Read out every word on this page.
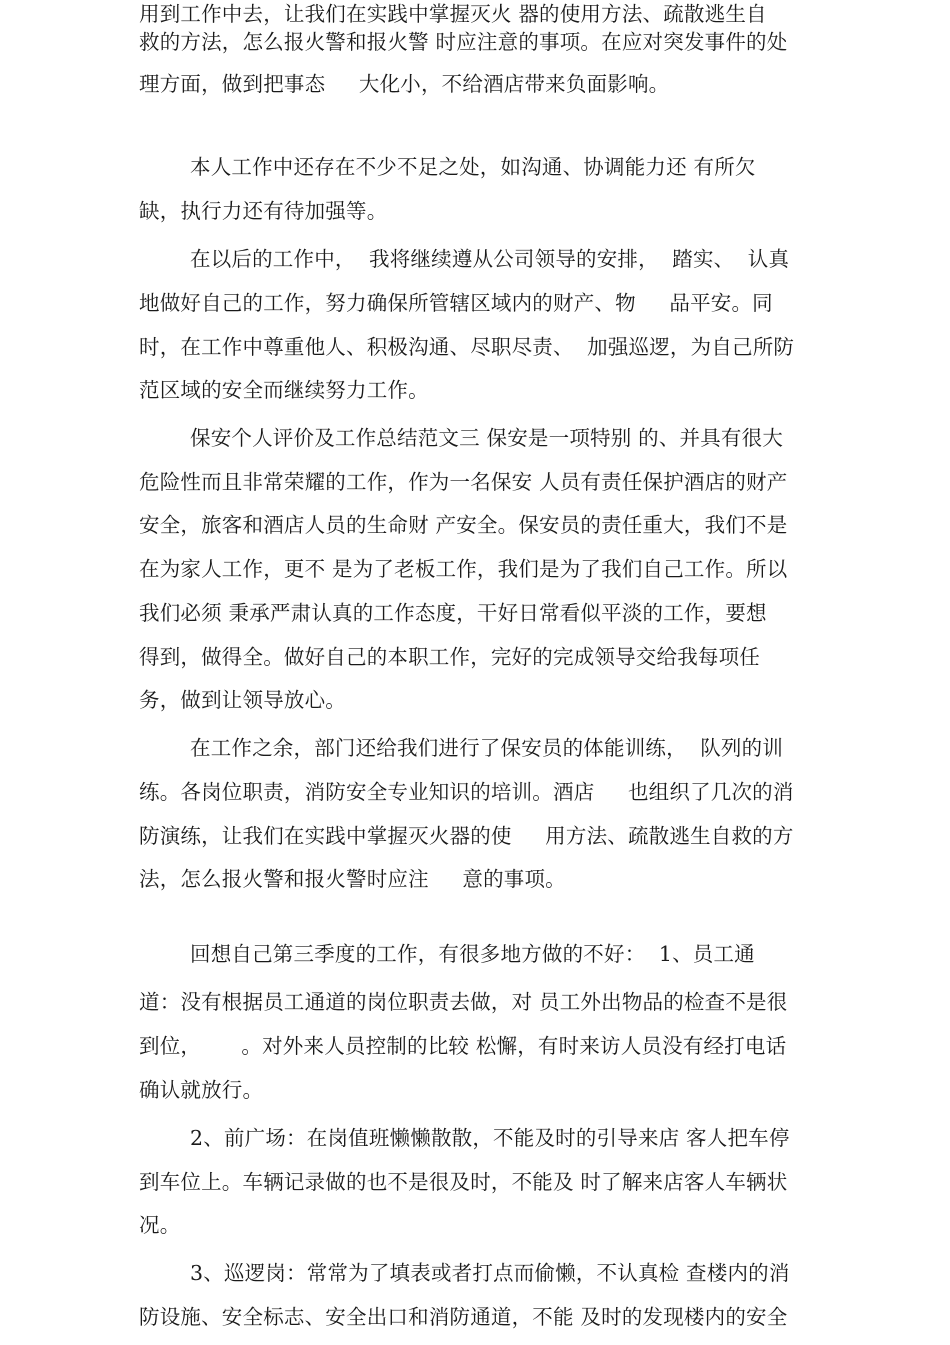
用到工作中去，让我们在实践中掌握灭火 器的使用方法、疏散逃生自
救的方法，怎么报火警和报火警 时应注意的事项。在应对突发事件的处
理方面，做到把事态     大化小，不给酒店带来负面影响。
本人工作中还存在不少不足之处，如沟通、协调能力还 有所欠
缺，执行力还有待加强等。
在以后的工作中，  我将继续遵从公司领导的安排，  踏实、  认真
地做好自己的工作，努力确保所管辖区域内的财产、物     品平安。同
时，在工作中尊重他人、积极沟通、尽职尽责、  加强巡逻，为自己所防
范区域的安全而继续努力工作。
保安个人评价及工作总结范文三 保安是一项特别 的、并具有很大
危险性而且非常荣耀的工作，作为一名保安 人员有责任保护酒店的财产
安全，旅客和酒店人员的生命财 产安全。保安员的责任重大，我们不是
在为家人工作，更不 是为了老板工作，我们是为了我们自己工作。所以
我们必须 秉承严肃认真的工作态度，干好日常看似平淡的工作，要想
得到，做得全。做好自己的本职工作，完好的完成领导交给我每项任
务，做到让领导放心。
在工作之余，部门还给我们进行了保安员的体能训练，  队列的训
练。各岗位职责，消防安全专业知识的培训。酒店     也组织了几次的消
防演练，让我们在实践中掌握灭火器的使     用方法、疏散逃生自救的方
法，怎么报火警和报火警时应注     意的事项。
回想自己第三季度的工作，有很多地方做的不好：  1、员工通
道：没有根据员工通道的岗位职责去做，对 员工外出物品的检查不是很
到位，      。对外来人员控制的比较 松懈，有时来访人员没有经打电话
确认就放行。
2、前广场：在岗值班懒懒散散，不能及时的引导来店 客人把车停
到车位上。车辆记录做的也不是很及时，不能及 时了解来店客人车辆状
况。
3、巡逻岗：常常为了填表或者打点而偷懒，不认真检 查楼内的消
防设施、安全标志、安全出口和消防通道，不能 及时的发现楼内的安全
